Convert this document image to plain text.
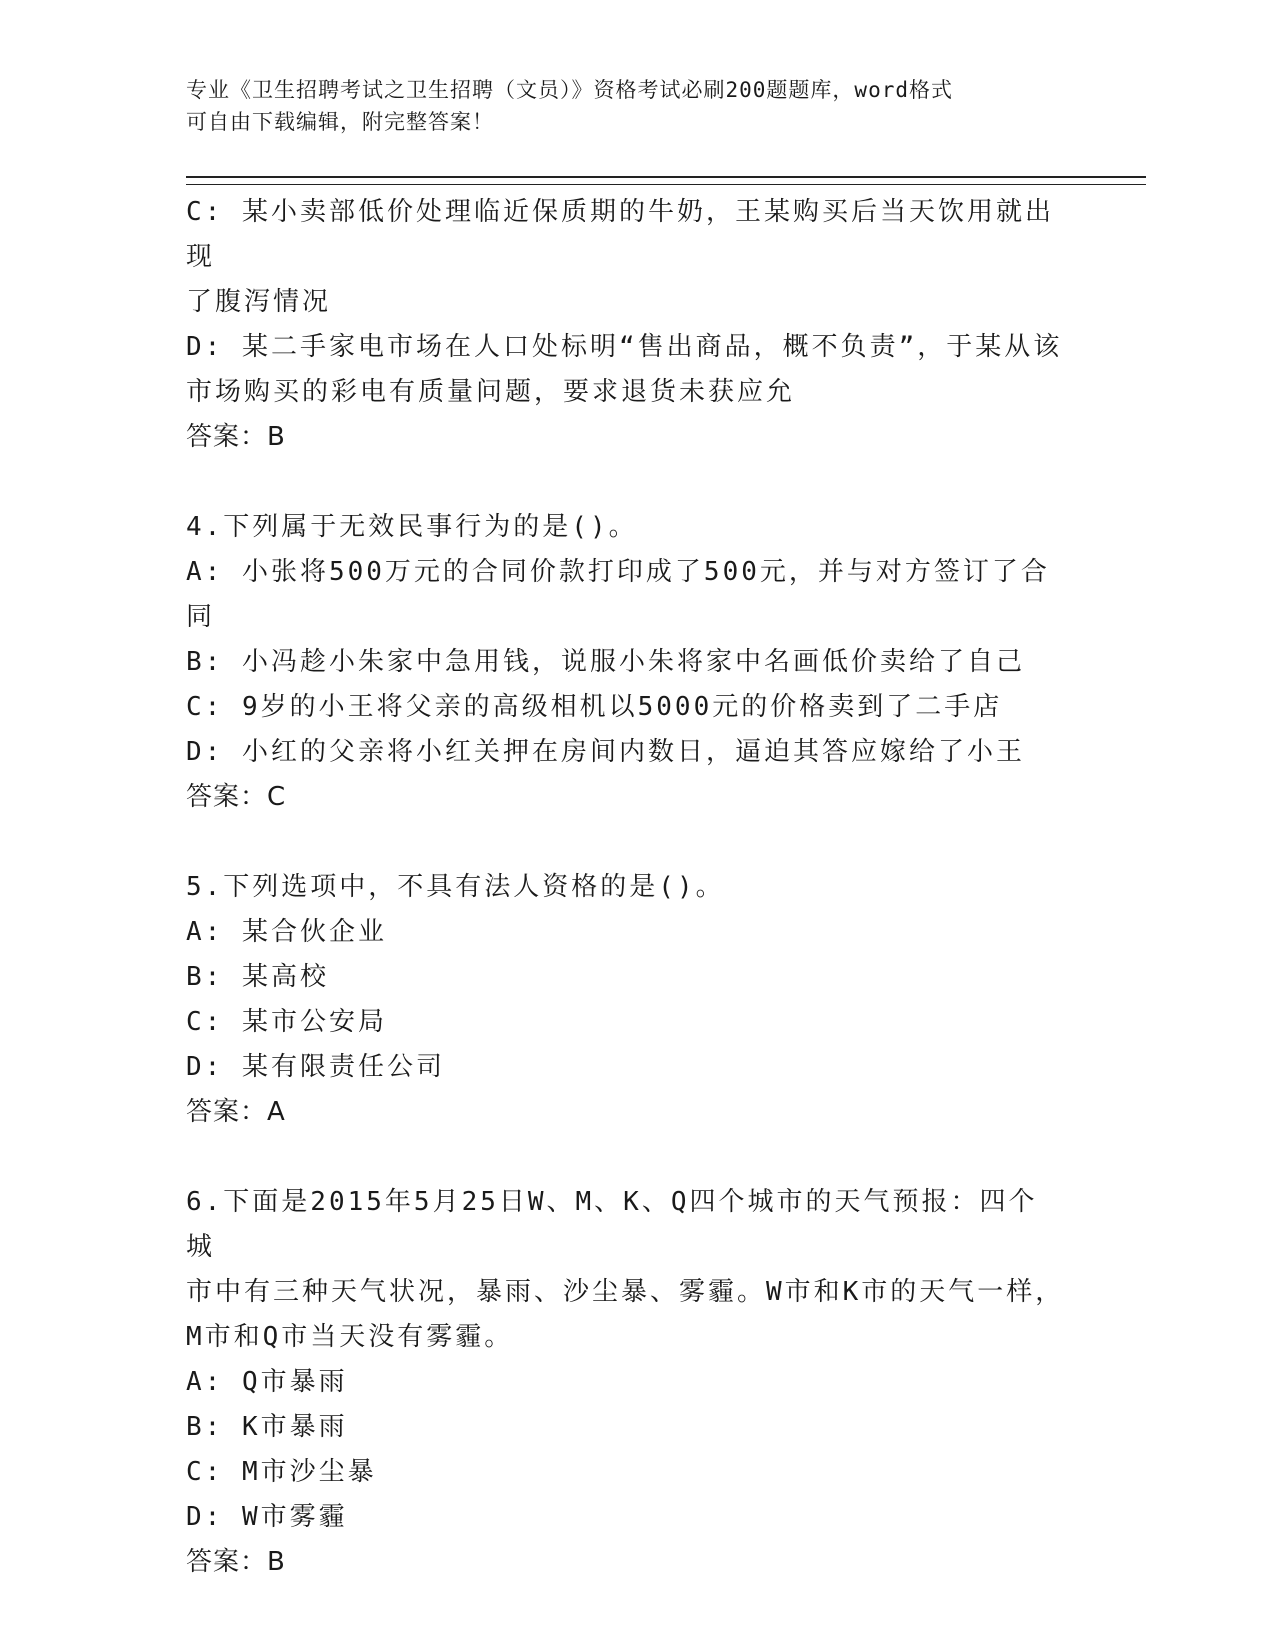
专业《卫生招聘考试之卫生招聘（文员）》资格考试必刷200题题库，word格式
可自由下载编辑，附完整答案！
C: 某小卖部低价处理临近保质期的牛奶，王某购买后当天饮用就出现
了腹泻情况
D: 某二手家电市场在人口处标明“售出商品，概不负责”，于某从该
市场购买的彩电有质量问题，要求退货未获应允
答案：B
4.下列属于无效民事行为的是()。
A: 小张将500万元的合同价款打印成了500元，并与对方签订了合同
B: 小冯趁小朱家中急用钱，说服小朱将家中名画低价卖给了自己
C: 9岁的小王将父亲的高级相机以5000元的价格卖到了二手店
D: 小红的父亲将小红关押在房间内数日，逼迫其答应嫁给了小王
答案：C
5.下列选项中，不具有法人资格的是()。
A: 某合伙企业
B: 某高校
C: 某市公安局
D: 某有限责任公司
答案：A
6.下面是2015年5月25日W、M、K、Q四个城市的天气预报：四个城
市中有三种天气状况，暴雨、沙尘暴、雾霾。W市和K市的天气一样，
M市和Q市当天没有雾霾。
A: Q市暴雨
B: K市暴雨
C: M市沙尘暴
D: W市雾霾
答案：B
